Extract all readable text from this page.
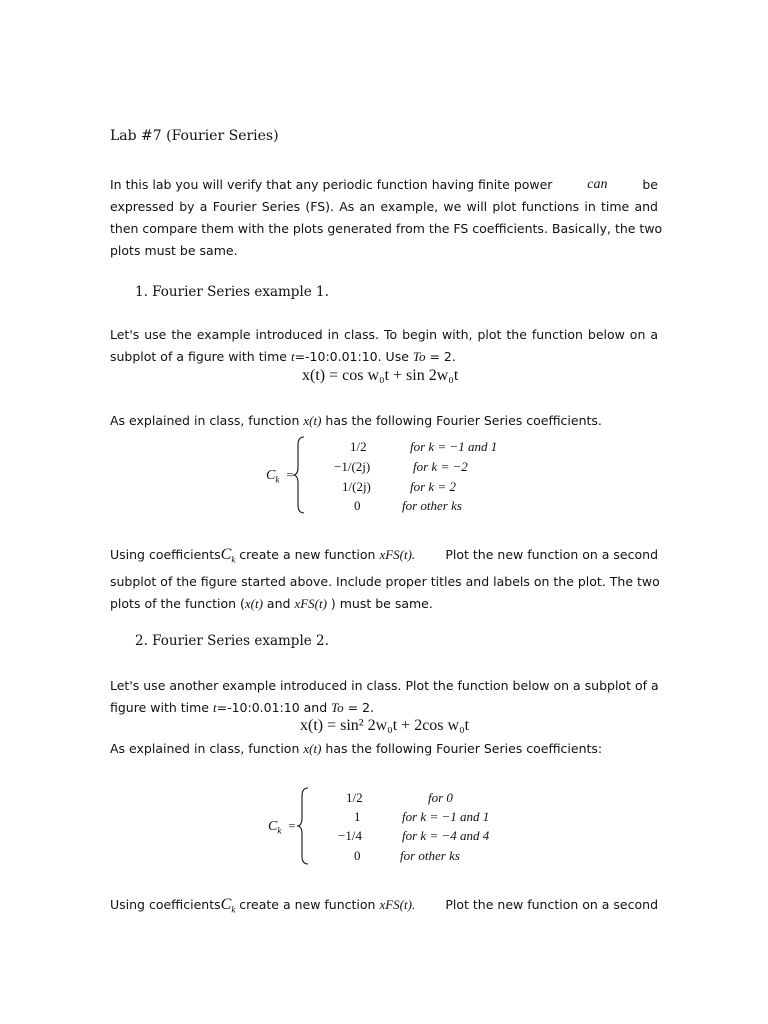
Lab #7 (Fourier Series)
In this lab you will verify that any periodic function having finite power can	be
expressed by a Fourier Series (FS). As an example, we will plot functions in time and
then compare them with the plots generated from the FS coefficients. Basically, the two
plots must be same.
1. Fourier Series example 1.
Let's use the example introduced in class. To begin with, plot the function below on a
subplot of a figure with time t=-10:0.01:10. Use To = 2.
x(t) = cos w₀t + sin 2w₀t
As explained in class, function x(t) has the following Fourier Series coefficients.
$C_k$ =
1/2	for k = −1 and 1
−1/(2j)	for k = −2
1/(2j)	for k = 2
0	for other ks
Using coefficientsC$_k$ create a new function xFS(t). Plot the new function on a second
subplot of the figure started above. Include proper titles and labels on the plot. The two
plots of the function (x(t) and xFS(t) ) must be same.
2. Fourier Series example 2.
Let's use another example introduced in class. Plot the function below on a subplot of a
figure with time t=-10:0.01:10 and To = 2.
x(t) = sin² 2w₀t + 2cos w₀t
As explained in class, function x(t) has the following Fourier Series coefficients:
$C_k$ =
1/2	for 0
1	for k = −1 and 1
−1/4	for k = −4 and 4
0	for other ks
Using coefficientsC$_k$ create a new function xFS(t). Plot the new function on a second
